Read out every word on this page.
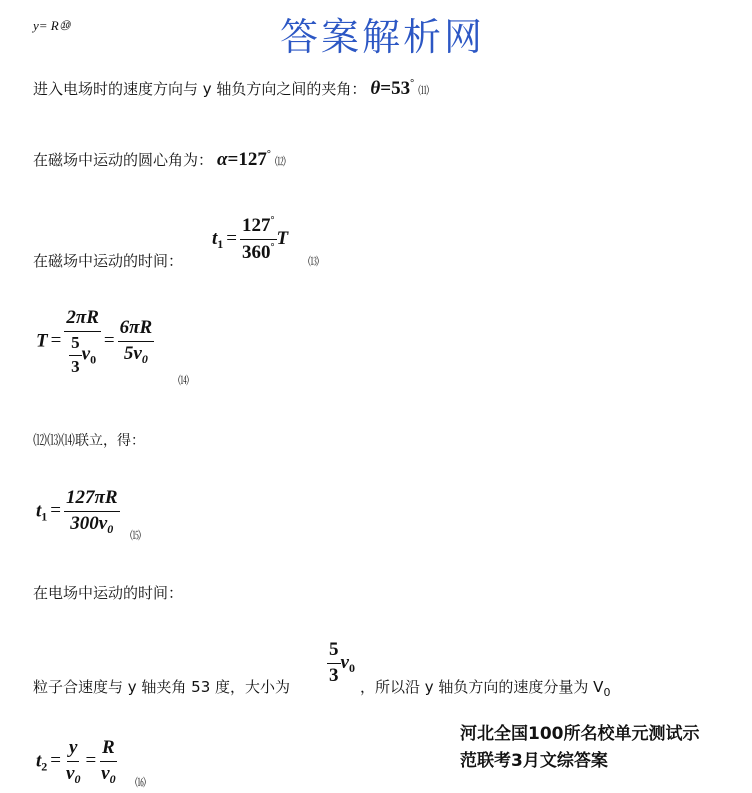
y= R⑩	答案解析网
进入电场时的速度方向与 y 轴负方向之间的夹角： θ=53° ⑾
在磁场中运动的圆心角为： α=127° ⑿
在磁场中运动的时间：
$t_1 = \frac{127^\circ}{360^\circ}$ T
⒀
$T = \frac{2\pi R}{\frac{5}{3} v_0} = \frac{6\pi R}{5v_0}$
⒁
⑿⒀⒁联立，得：
$t_1 = \frac{127\pi R}{300v_0}$ ⒂
在电场中运动的时间：
粒子合速度与 y 轴夹角 53 度，大小为
$\frac{5}{3} v_0$
，所以沿 y 轴负方向的速度分量为 $V_0$
$t_2 = \frac{y}{v_0} = \frac{R}{v_0}$ ⒃
河北全国100所名校单元测试示
范联考3月文综答案
